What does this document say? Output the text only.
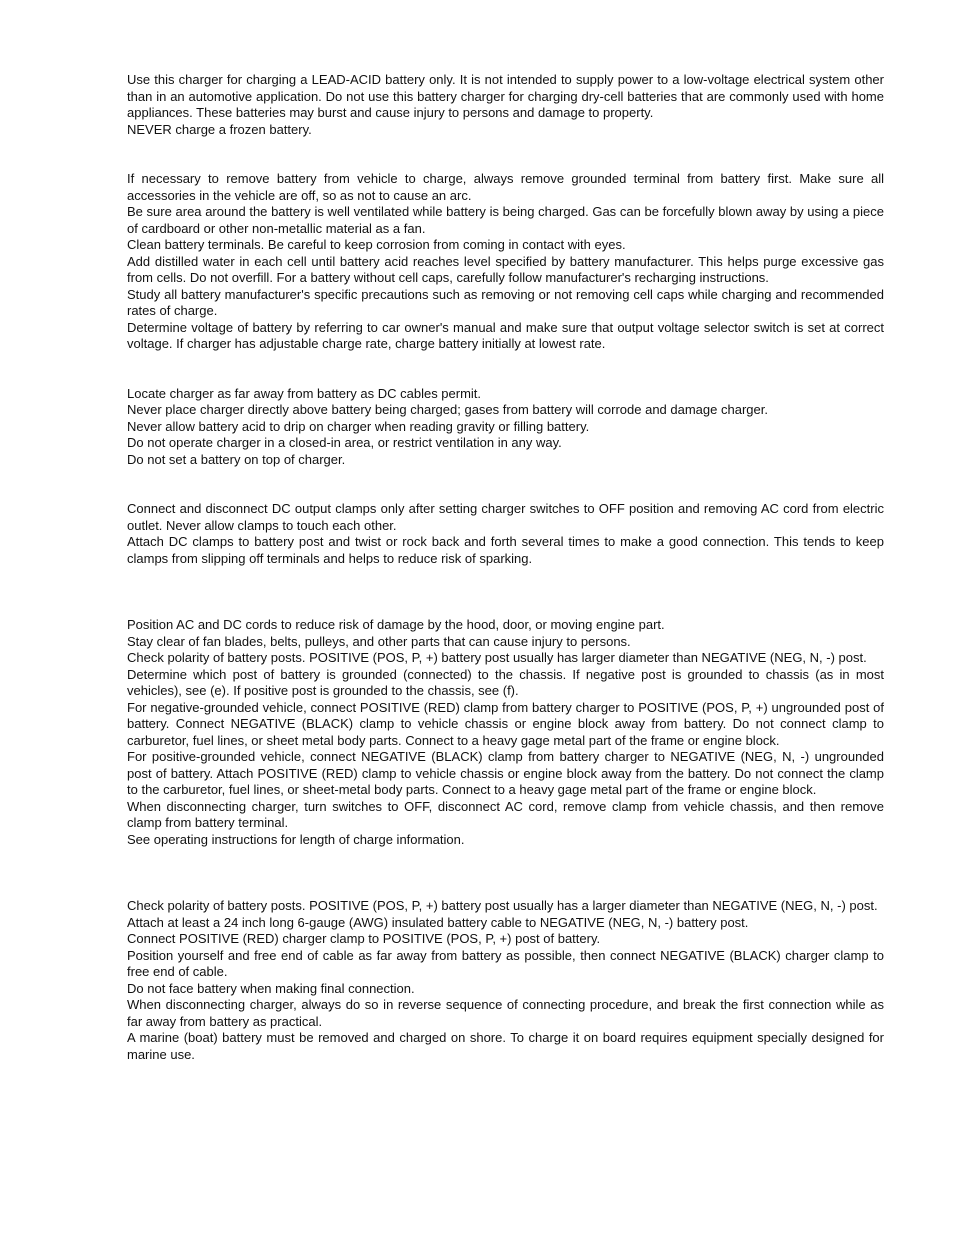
Use this charger for charging a LEAD-ACID battery only. It is not intended to supply power to a low-voltage electrical system other than in an automotive application. Do not use this battery charger for charging dry-cell batteries that are commonly used with home appliances. These batteries may burst and cause injury to persons and damage to property.

NEVER charge a frozen battery.

If necessary to remove battery from vehicle to charge, always remove grounded terminal from battery first. Make sure all accessories in the vehicle are off, so as not to cause an arc.

Be sure area around the battery is well ventilated while battery is being charged. Gas can be forcefully blown away by using a piece of cardboard or other non-metallic material as a fan.

Clean battery terminals. Be careful to keep corrosion from coming in contact with eyes.

Add distilled water in each cell until battery acid reaches level specified by battery manufacturer. This helps purge excessive gas from cells. Do not overfill. For a battery without cell caps, carefully follow manufacturer's recharging instructions.

Study all battery manufacturer's specific precautions such as removing or not removing cell caps while charging and recommended rates of charge.

Determine voltage of battery by referring to car owner's manual and make sure that output voltage selector switch is set at correct voltage. If charger has adjustable charge rate, charge battery initially at lowest rate.

Locate charger as far away from battery as DC cables permit.

Never place charger directly above battery being charged; gases from battery will corrode and damage charger.

Never allow battery acid to drip on charger when reading gravity or filling battery.

Do not operate charger in a closed-in area, or restrict ventilation in any way.

Do not set a battery on top of charger.

Connect and disconnect DC output clamps only after setting charger switches to OFF position and removing AC cord from electric outlet. Never allow clamps to touch each other.

Attach DC clamps to battery post and twist or rock back and forth several times to make a good connection. This tends to keep clamps from slipping off terminals and helps to reduce risk of sparking.

Position AC and DC cords to reduce risk of damage by the hood, door, or moving engine part.

Stay clear of fan blades, belts, pulleys, and other parts that can cause injury to persons.

Check polarity of battery posts. POSITIVE (POS, P, +) battery post usually has larger diameter than NEGATIVE (NEG, N, -) post.

Determine which post of battery is grounded (connected) to the chassis. If negative post is grounded to chassis (as in most vehicles), see (e). If positive post is grounded to the chassis, see (f).

For negative-grounded vehicle, connect POSITIVE (RED) clamp from battery charger to POSITIVE (POS, P, +) ungrounded post of battery. Connect NEGATIVE (BLACK) clamp to vehicle chassis or engine block away from battery. Do not connect clamp to carburetor, fuel lines, or sheet metal body parts. Connect to a heavy gage metal part of the frame or engine block.

For positive-grounded vehicle, connect NEGATIVE (BLACK) clamp from battery charger to NEGATIVE (NEG, N, -) ungrounded post of battery. Attach POSITIVE (RED) clamp to vehicle chassis or engine block away from the battery. Do not connect the clamp to the carburetor, fuel lines, or sheet-metal body parts. Connect to a heavy gage metal part of the frame or engine block.

When disconnecting charger, turn switches to OFF, disconnect AC cord, remove clamp from vehicle chassis, and then remove clamp from battery terminal.

See operating instructions for length of charge information.

Check polarity of battery posts. POSITIVE (POS, P, +) battery post usually has a larger diameter than NEGATIVE (NEG, N, -) post.

Attach at least a 24 inch long 6-gauge (AWG) insulated battery cable to NEGATIVE (NEG, N, -) battery post.

Connect POSITIVE (RED) charger clamp to POSITIVE (POS, P, +) post of battery.

Position yourself and free end of cable as far away from battery as possible, then connect NEGATIVE (BLACK) charger clamp to free end of cable.

Do not face battery when making final connection.

When disconnecting charger, always do so in reverse sequence of connecting procedure, and break the first connection while as far away from battery as practical.

A marine (boat) battery must be removed and charged on shore. To charge it on board requires equipment specially designed for marine use.
